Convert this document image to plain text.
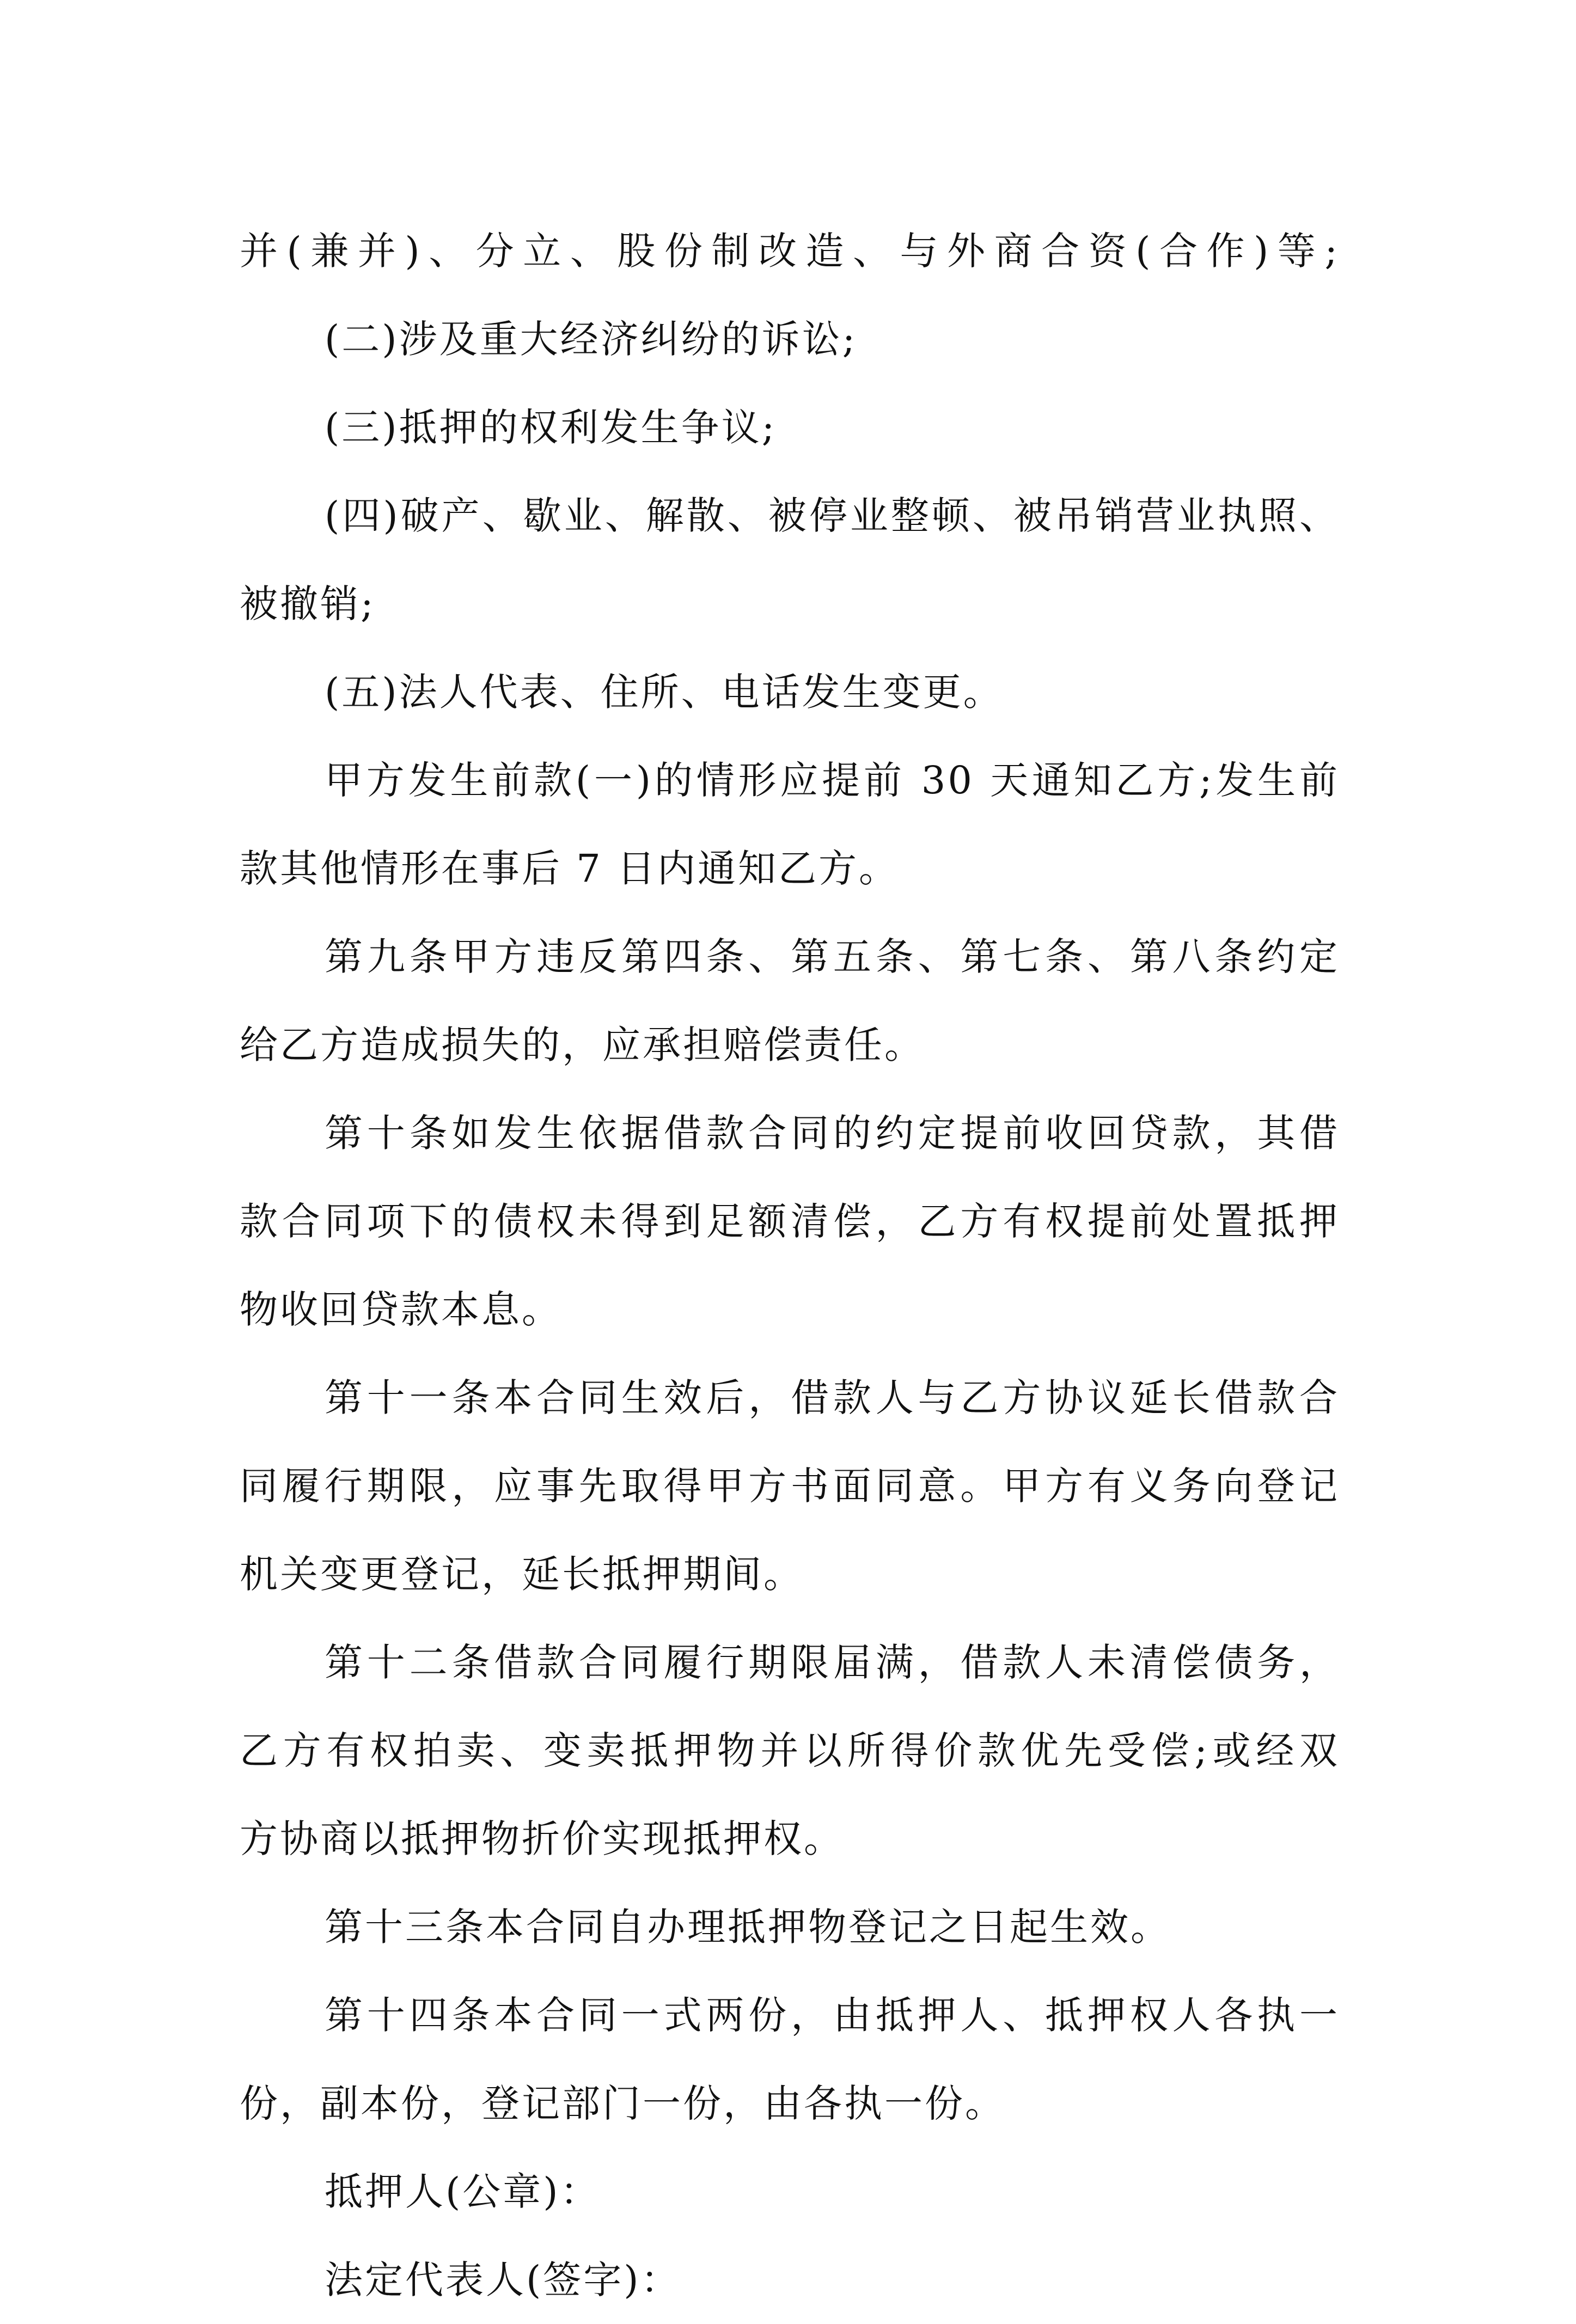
并(兼并)、分立、股份制改造、与外商合资(合作)等;
(二)涉及重大经济纠纷的诉讼;
(三)抵押的权利发生争议;
(四)破产、歇业、解散、被停业整顿、被吊销营业执照、
被撤销;
(五)法人代表、住所、电话发生变更。
甲方发生前款(一)的情形应提前 30 天通知乙方;发生前
款其他情形在事后 7 日内通知乙方。
第九条甲方违反第四条、第五条、第七条、第八条约定
给乙方造成损失的，应承担赔偿责任。
第十条如发生依据借款合同的约定提前收回贷款，其借
款合同项下的债权未得到足额清偿，乙方有权提前处置抵押
物收回贷款本息。
第十一条本合同生效后，借款人与乙方协议延长借款合
同履行期限，应事先取得甲方书面同意。甲方有义务向登记
机关变更登记，延长抵押期间。
第十二条借款合同履行期限届满，借款人未清偿债务，
乙方有权拍卖、变卖抵押物并以所得价款优先受偿;或经双
方协商以抵押物折价实现抵押权。
第十三条本合同自办理抵押物登记之日起生效。
第十四条本合同一式两份，由抵押人、抵押权人各执一
份，副本份，登记部门一份，由各执一份。
抵押人(公章)：
法定代表人(签字)：
